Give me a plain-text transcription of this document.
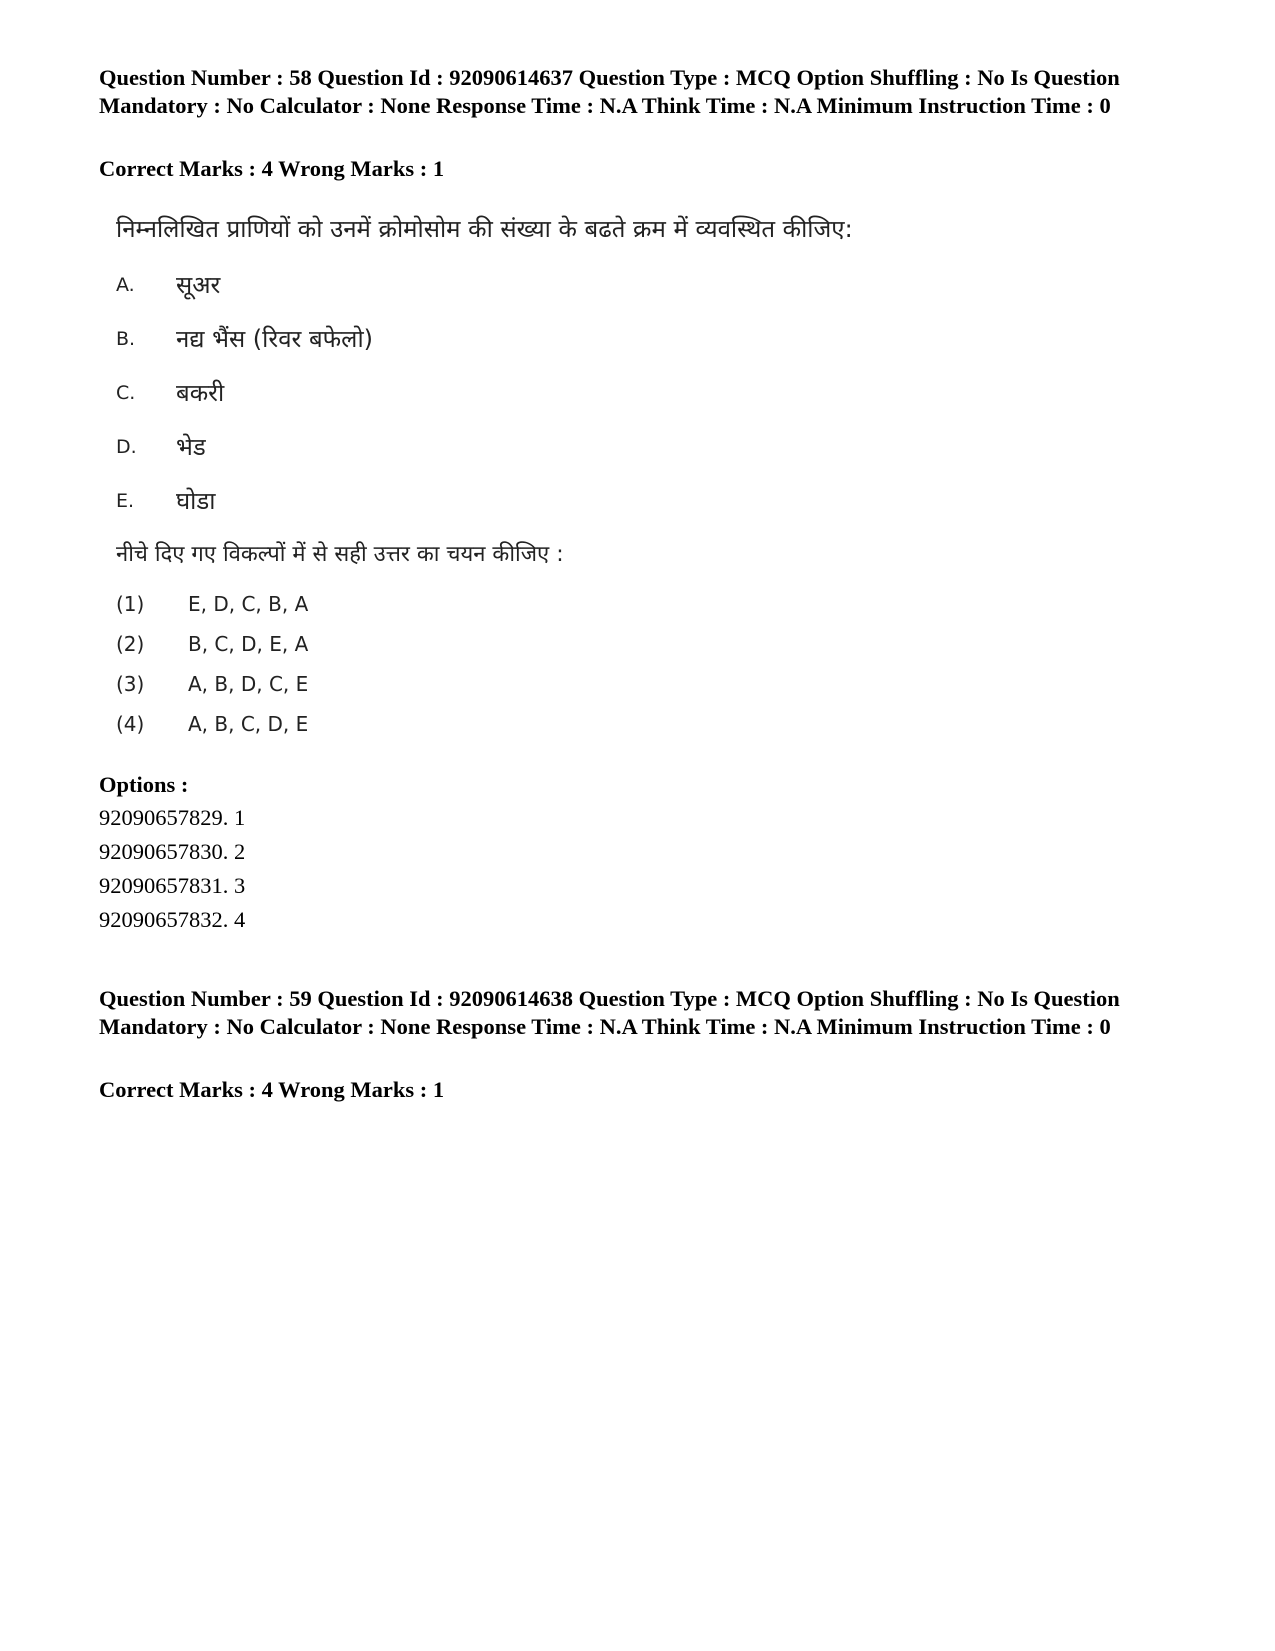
Question Number : 58 Question Id : 92090614637 Question Type : MCQ Option Shuffling : No Is Question Mandatory : No Calculator : None Response Time : N.A Think Time : N.A Minimum Instruction Time : 0

Correct Marks : 4 Wrong Marks : 1
निम्नलिखित प्राणियों को उनमें क्रोमोसोम की संख्या के बढते क्रम में व्यवस्थित कीजिए:
A. सूअर
B. नद्य भैंस (रिवर बफेलो)
C. बकरी
D. भेड
E. घोडा
नीचे दिए गए विकल्पों में से सही उत्तर का चयन कीजिए :
(1) E, D, C, B, A
(2) B, C, D, E, A
(3) A, B, D, C, E
(4) A, B, C, D, E
Options :
92090657829. 1
92090657830. 2
92090657831. 3
92090657832. 4

Question Number : 59 Question Id : 92090614638 Question Type : MCQ Option Shuffling : No Is Question Mandatory : No Calculator : None Response Time : N.A Think Time : N.A Minimum Instruction Time : 0

Correct Marks : 4 Wrong Marks : 1
